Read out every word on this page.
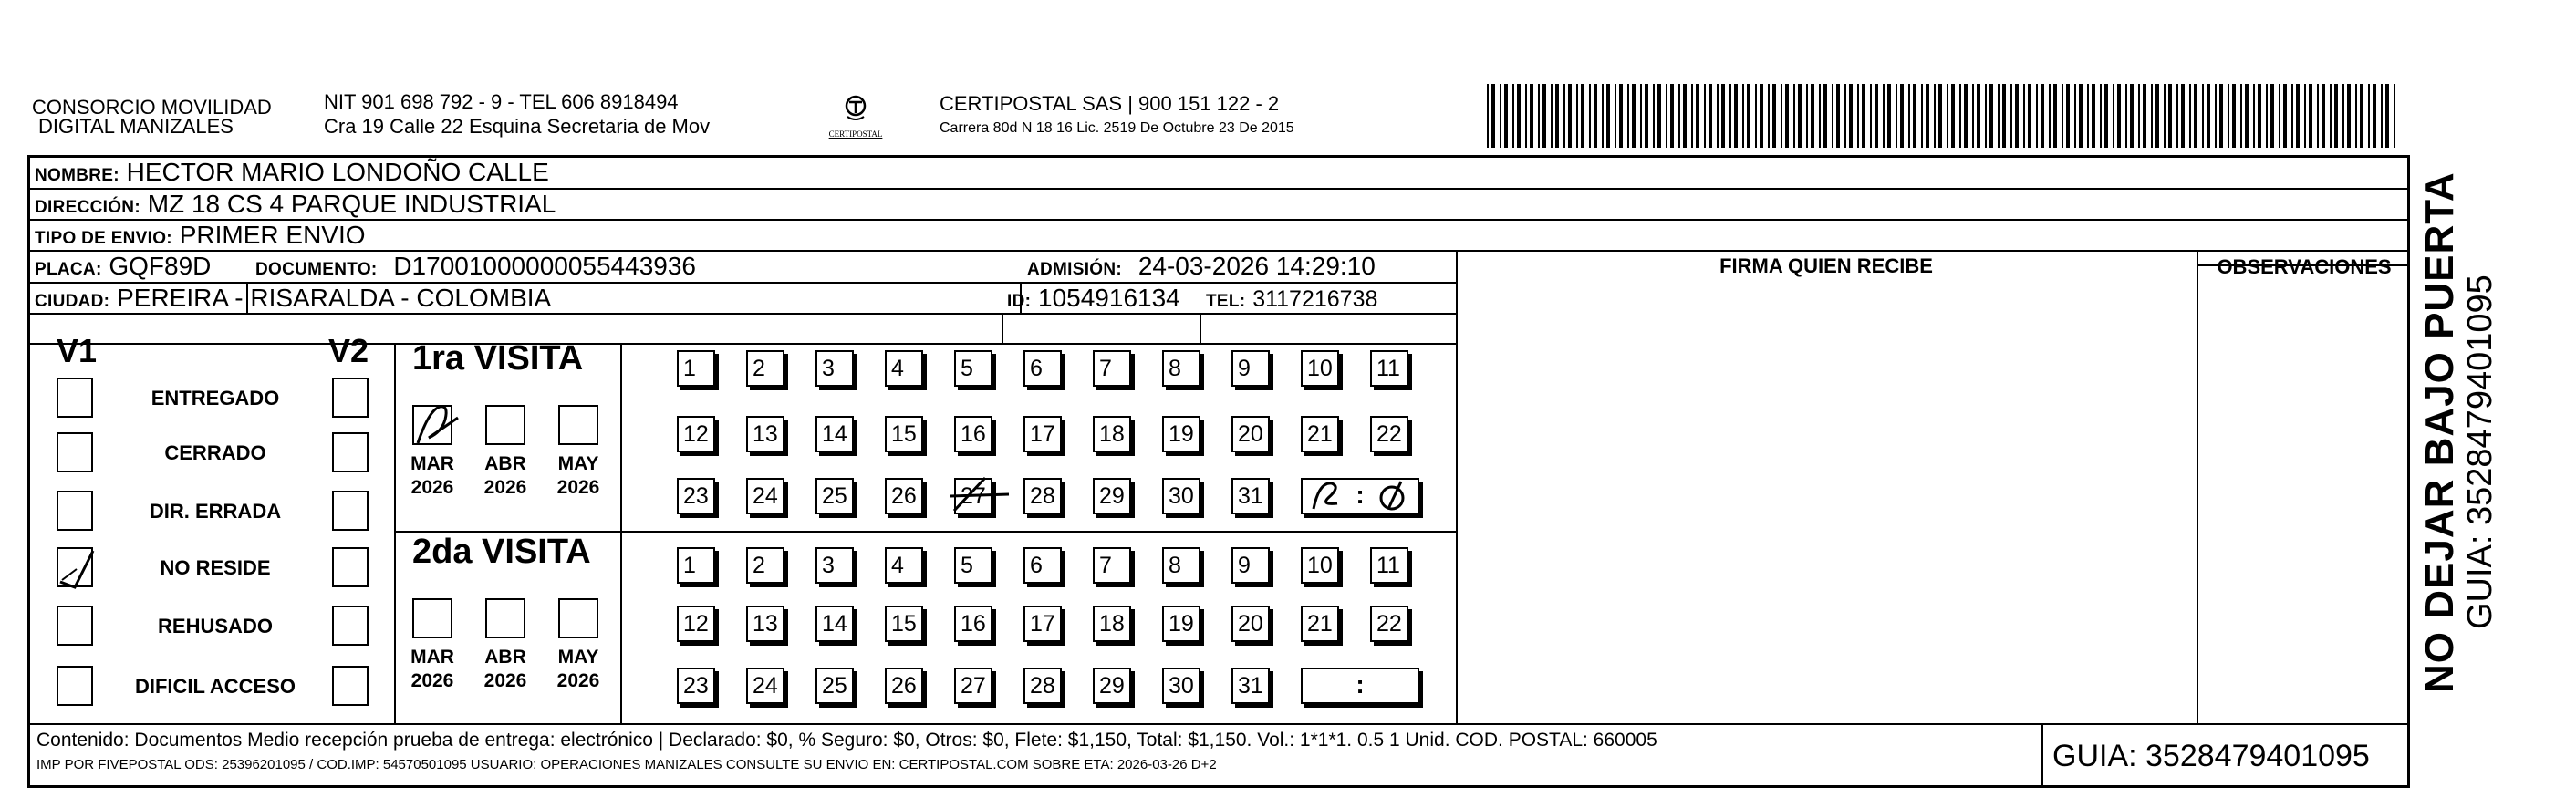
CONSORCIO MOVILIDAD
DIGITAL MANIZALES
NIT 901 698 792 - 9 - TEL 606 8918494
Cra 19 Calle 22 Esquina Secretaria de Mov	CERTIPOSTAL
CERTIPOSTAL SAS | 900 151 122 - 2
Carrera 80d N 18 16 Lic. 2519 De Octubre 23 De 2015
NOMBRE: HECTOR MARIO LONDOÑO CALLE
DIRECCIÓN: MZ 18 CS 4 PARQUE INDUSTRIAL
TIPO DE ENVIO: PRIMER ENVIO
PLACA: GQF89D	DOCUMENTO: D17001000000055443936	ADMISIÓN: 24-03-2026 14:29:10
CIUDAD: PEREIRA - RISARALDA - COLOMBIA	ID: 1054916134 TEL: 3117216738
FIRMA QUIEN RECIBE	OBSERVACIONES
V1	V2
ENTREGADO
CERRADO
DIR. ERRADA
NO RESIDE
REHUSADO
DIFICIL ACCESO
1ra VISITA
2da VISITA
MAR
2026
ABR
2026
MAY
2026
MAR
2026
ABR
2026
MAY
2026
1	2	3	4	5	6	7	8	9	10 11
12 13 14 15 16 17 18 19 20 21 22
23 24 25 26 27 28 29 30 31	:
1	2	3	4	5	6	7	8	9	10 11
12 13 14 15 16 17 18 19 20 21 22
23 24 25 26 27 28 29 30 31	:
Contenido: Documentos Medio recepción prueba de entrega: electrónico | Declarado: $0, % Seguro: $0, Otros: $0, Flete: $1,150, Total: $1,150. Vol.: 1*1*1. 0.5 1 Unid. COD. POSTAL: 660005
IMP POR FIVEPOSTAL ODS: 25396201095 / COD.IMP: 54570501095 USUARIO: OPERACIONES MANIZALES CONSULTE SU ENVIO EN: CERTIPOSTAL.COM SOBRE ETA: 2026-03-26 D+2	GUIA: 3528479401095
NO DEJAR BAJO PUERTA GUIA: 3528479401095
